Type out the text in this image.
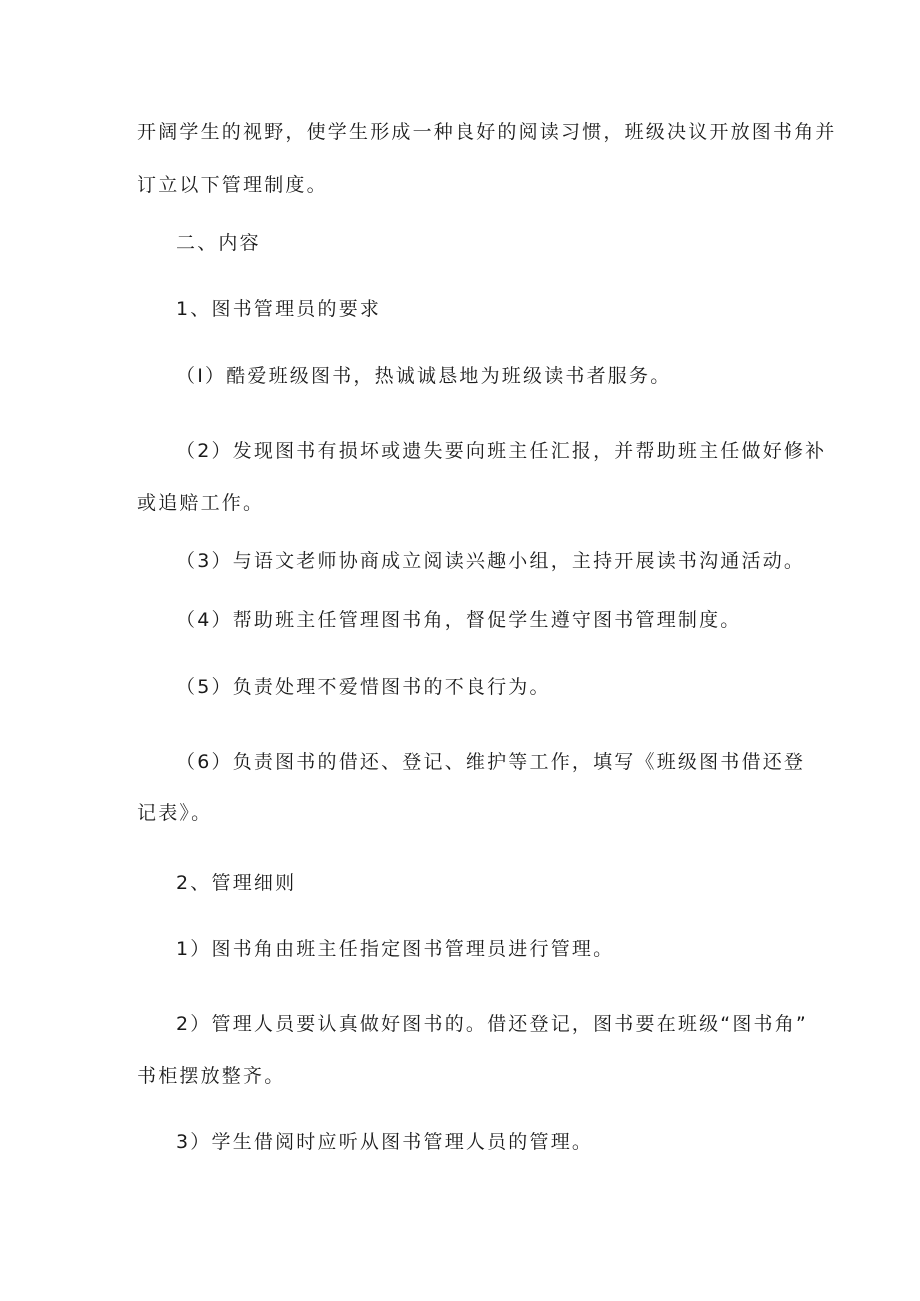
开阔学生的视野，使学生形成一种良好的阅读习惯，班级决议开放图书角并
订立以下管理制度。
二、内容
1、图书管理员的要求
（I）酷爱班级图书，热诚诚恳地为班级读书者服务。
（2）发现图书有损坏或遗失要向班主任汇报，并帮助班主任做好修补
或追赔工作。
（3）与语文老师协商成立阅读兴趣小组，主持开展读书沟通活动。
（4）帮助班主任管理图书角，督促学生遵守图书管理制度。
（5）负责处理不爱惜图书的不良行为。
（6）负责图书的借还、登记、维护等工作，填写《班级图书借还登
记表》。
2、管理细则
1）图书角由班主任指定图书管理员进行管理。
2）管理人员要认真做好图书的。借还登记，图书要在班级“图书角”
书柜摆放整齐。
3）学生借阅时应听从图书管理人员的管理。
